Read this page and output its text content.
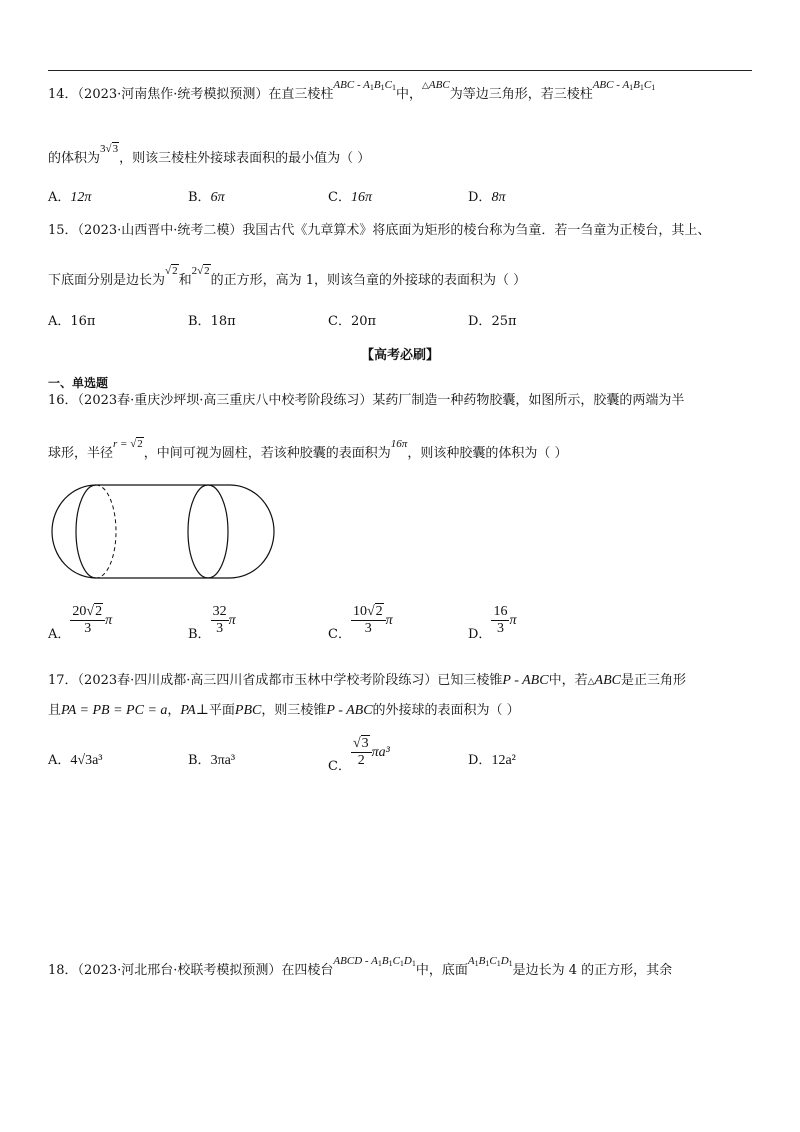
14．（2023·河南焦作·统考模拟预测）在直三棱柱$^{ABC - A_1B_1C_1}$中，$^{\triangle ABC}$为等边三角形，若三棱柱$^{ABC - A_1B_1C_1}$
的体积为$^{3√3}$，则该三棱柱外接球表面积的最小值为（ ）
A．12π	B．6π	C．16π	D．8π
15．（2023·山西晋中·统考二模）我国古代《九章算术》将底面为矩形的棱台称为刍童．若一刍童为正棱台，其上、
下底面分别是边长为$^{√2}$和$^{2√2}$的正方形，高为 1，则该刍童的外接球的表面积为（ ）
A．16π	B．18π	C．20π	D．25π
【高考必刷】
一、单选题
16．（2023春·重庆沙坪坝·高三重庆八中校考阶段练习）某药厂制造一种药物胶囊，如图所示，胶囊的两端为半
球形，半径$^{r = √2}$，中间可视为圆柱，若该种胶囊的表面积为$^{16\pi}$，则该种胶囊的体积为（ ）
A． $\frac{20√2}{3}$ π
B． $\frac{32}{3}$ π
C． $\frac{10√2}{3}$ π
D． $\frac{16}{3}$ π
17．（2023春·四川成都·高三四川省成都市玉林中学校考阶段练习）已知三棱锥P - ABC中，若△ABC是正三角形
且PA = PB = PC = a，PA⊥平面PBC，则三棱锥P - ABC的外接球的表面积为（ ）
A．4√3a³	B．3πa³	C． $\frac{√3}{2} \pi a^3$
D．12a²
18．（2023·河北邢台·校联考模拟预测）在四棱台$^{ABCD - A_1B_1C_1D_1}$中，底面$^{A_1B_1C_1D_1}$是边长为 4 的正方形，其余
